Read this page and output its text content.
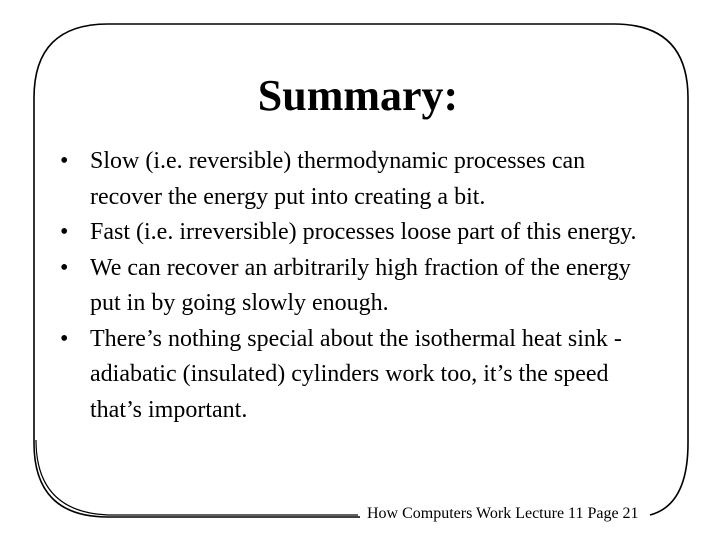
Summary:
• Slow (i.e. reversible) thermodynamic processes can recover the energy put into creating a bit.
• Fast (i.e. irreversible) processes loose part of this energy.
• We can recover an arbitrarily high fraction of the energy put in by going slowly enough.
• There’s nothing special about the isothermal heat sink - adiabatic (insulated) cylinders work too, it’s the speed that’s important.
How Computers Work Lecture 11 Page 21
